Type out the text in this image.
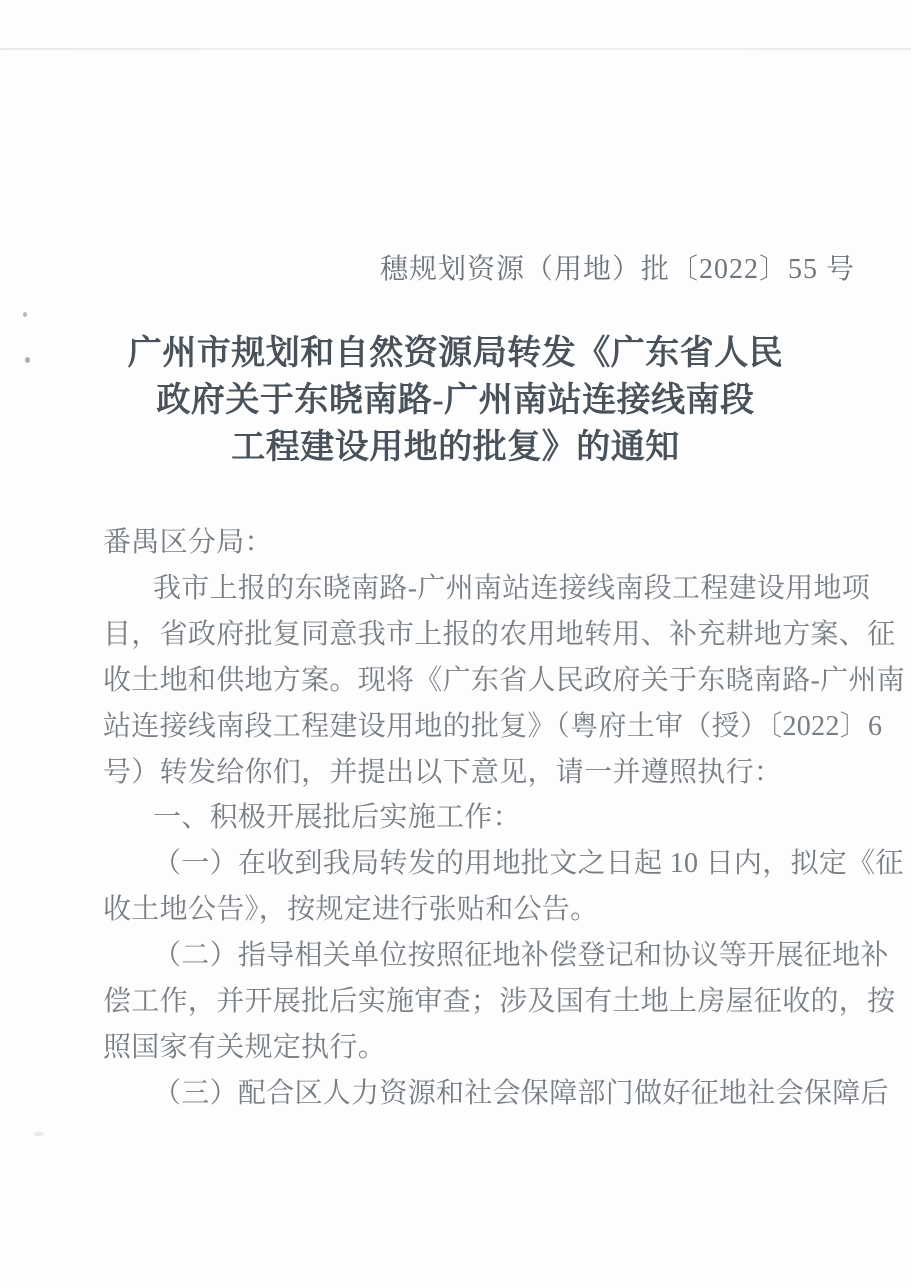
穗规划资源（用地）批〔2022〕55 号
广州市规划和自然资源局转发《广东省人民
政府关于东晓南路-广州南站连接线南段
工程建设用地的批复》的通知
番禺区分局：
我市上报的东晓南路-广州南站连接线南段工程建设用地项
目，省政府批复同意我市上报的农用地转用、补充耕地方案、征
收土地和供地方案。现将《广东省人民政府关于东晓南路-广州南
站连接线南段工程建设用地的批复》（粤府土审（授）〔2022〕6
号）转发给你们，并提出以下意见，请一并遵照执行：
一、积极开展批后实施工作：
（一）在收到我局转发的用地批文之日起 10 日内，拟定《征
收土地公告》，按规定进行张贴和公告。
（二）指导相关单位按照征地补偿登记和协议等开展征地补
偿工作，并开展批后实施审查；涉及国有土地上房屋征收的，按
照国家有关规定执行。
（三）配合区人力资源和社会保障部门做好征地社会保障后
